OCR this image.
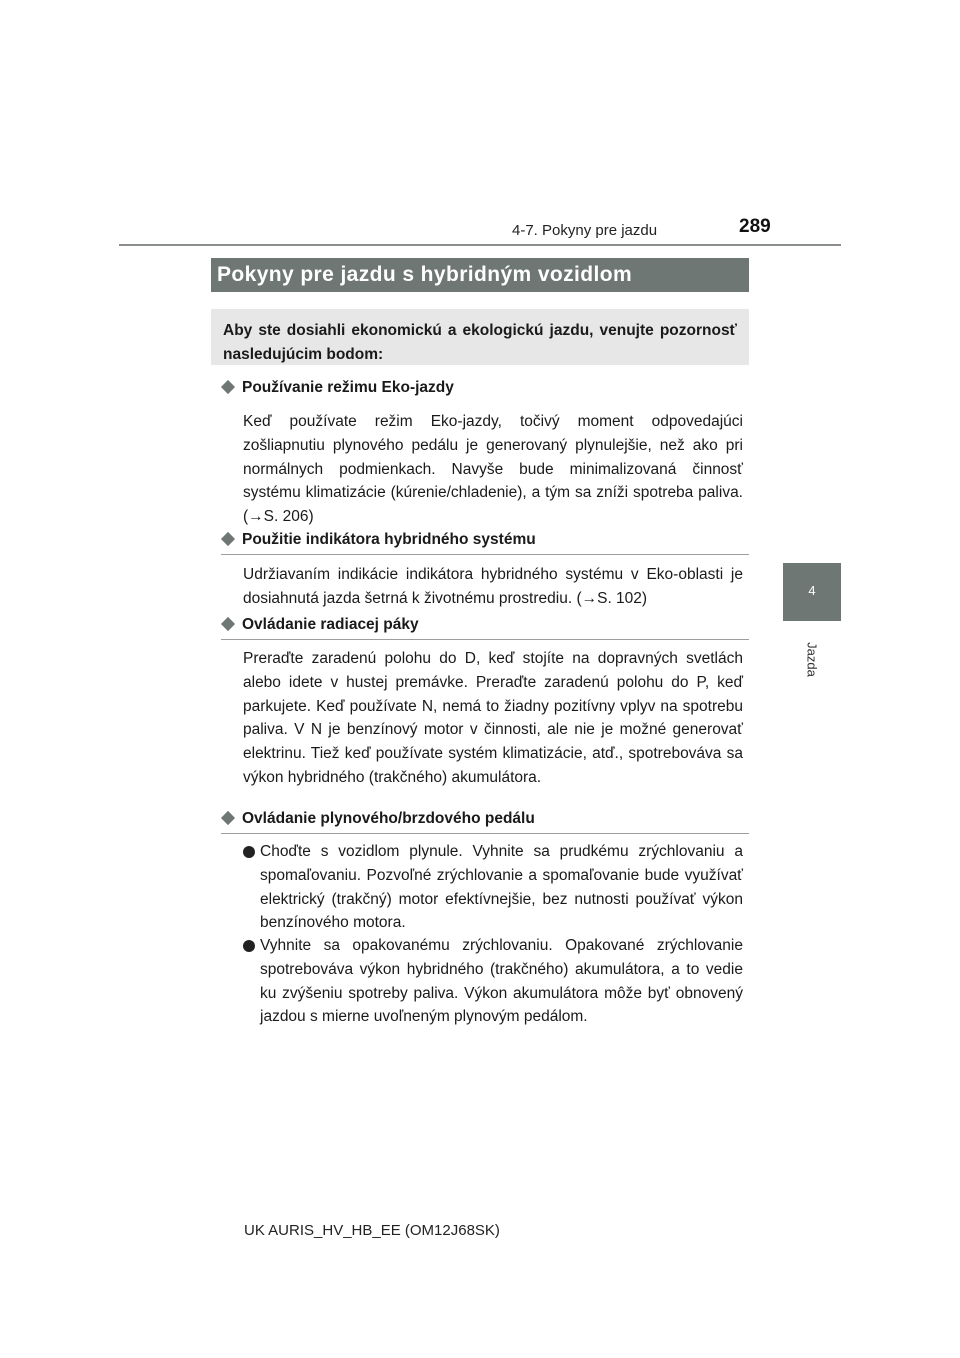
4-7. Pokyny pre jazdu	289
4
Jazda
Pokyny pre jazdu s hybridným vozidlom
Aby ste dosiahli ekonomickú a ekologickú jazdu, venujte pozornosť nasledujúcim bodom:
Používanie režimu Eko-jazdy
Keď používate režim Eko-jazdy, točivý moment odpovedajúci zošliapnutiu plynového pedálu je generovaný plynulejšie, než ako pri normálnych podmienkach. Navyše bude minimalizovaná činnosť systému klimatizácie (kúrenie/chladenie), a tým sa zníži spotreba paliva. (→S. 206)
Použitie indikátora hybridného systému
Udržiavaním indikácie indikátora hybridného systému v Eko-oblasti je dosiahnutá jazda šetrná k životnému prostrediu. (→S. 102)
Ovládanie radiacej páky
Preraďte zaradenú polohu do D, keď stojíte na dopravných svetlách alebo idete v hustej premávke. Preraďte zaradenú polohu do P, keď parkujete. Keď používate N, nemá to žiadny pozitívny vplyv na spotrebu paliva. V N je benzínový motor v činnosti, ale nie je možné generovať elektrinu. Tiež keď používate systém klimatizácie, atď., spotrebováva sa výkon hybridného (trakčného) akumulátora.
Ovládanie plynového/brzdového pedálu
Choďte s vozidlom plynule. Vyhnite sa prudkému zrýchlovaniu a spomaľovaniu. Pozvoľné zrýchlovanie a spomaľovanie bude využívať elektrický (trakčný) motor efektívnejšie, bez nutnosti používať výkon benzínového motora.
Vyhnite sa opakovanému zrýchlovaniu. Opakované zrýchlovanie spotrebováva výkon hybridného (trakčného) akumulátora, a to vedie ku zvýšeniu spotreby paliva. Výkon akumulátora môže byť obnovený jazdou s mierne uvoľneným plynovým pedálom.
UK AURIS_HV_HB_EE (OM12J68SK)
